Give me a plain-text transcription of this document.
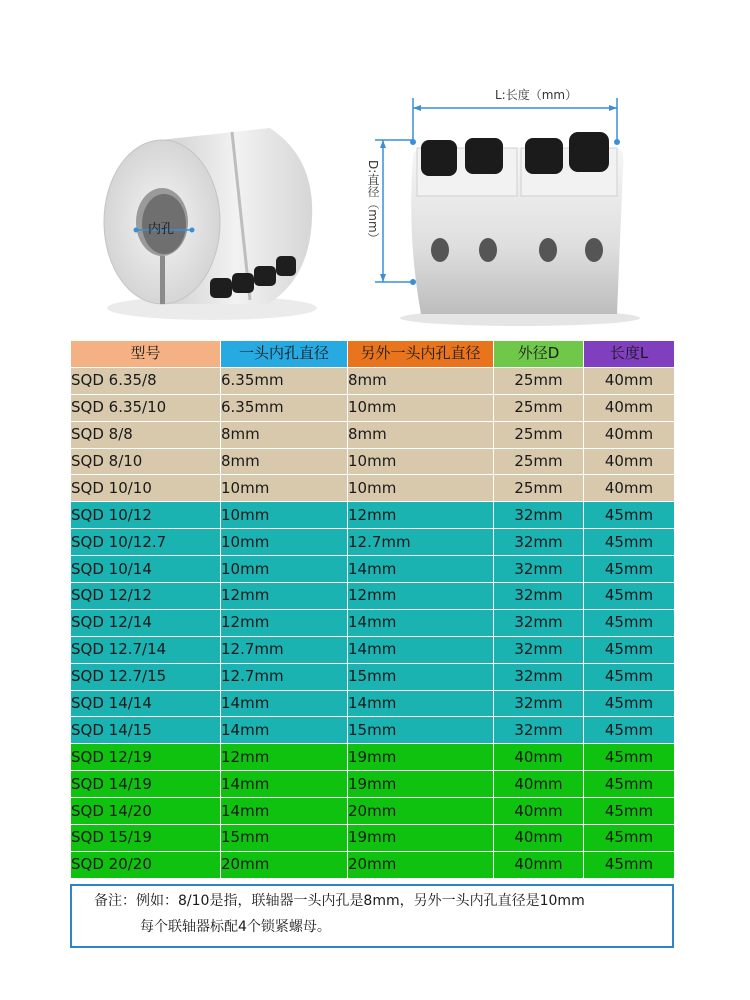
内孔
L:长度（mm）
D:直径（mm）
型号	一头内孔直径	另外一头内孔直径	外径D	长度L
SQD 6.35/8	6.35mm	8mm	25mm	40mm
SQD 6.35/10	6.35mm	10mm	25mm	40mm
SQD 8/8	8mm	8mm	25mm	40mm
SQD 8/10	8mm	10mm	25mm	40mm
SQD 10/10	10mm	10mm	25mm	40mm
SQD 10/12	10mm	12mm	32mm	45mm
SQD 10/12.7	10mm	12.7mm	32mm	45mm
SQD 10/14	10mm	14mm	32mm	45mm
SQD 12/12	12mm	12mm	32mm	45mm
SQD 12/14	12mm	14mm	32mm	45mm
SQD 12.7/14	12.7mm	14mm	32mm	45mm
SQD 12.7/15	12.7mm	15mm	32mm	45mm
SQD 14/14	14mm	14mm	32mm	45mm
SQD 14/15	14mm	15mm	32mm	45mm
SQD 12/19	12mm	19mm	40mm	45mm
SQD 14/19	14mm	19mm	40mm	45mm
SQD 14/20	14mm	20mm	40mm	45mm
SQD 15/19	15mm	19mm	40mm	45mm
SQD 20/20	20mm	20mm	40mm	45mm
备注：例如：8/10是指，联轴器一头内孔是8mm，另外一头内孔直径是10mm
每个联轴器标配4个锁紧螺母。
